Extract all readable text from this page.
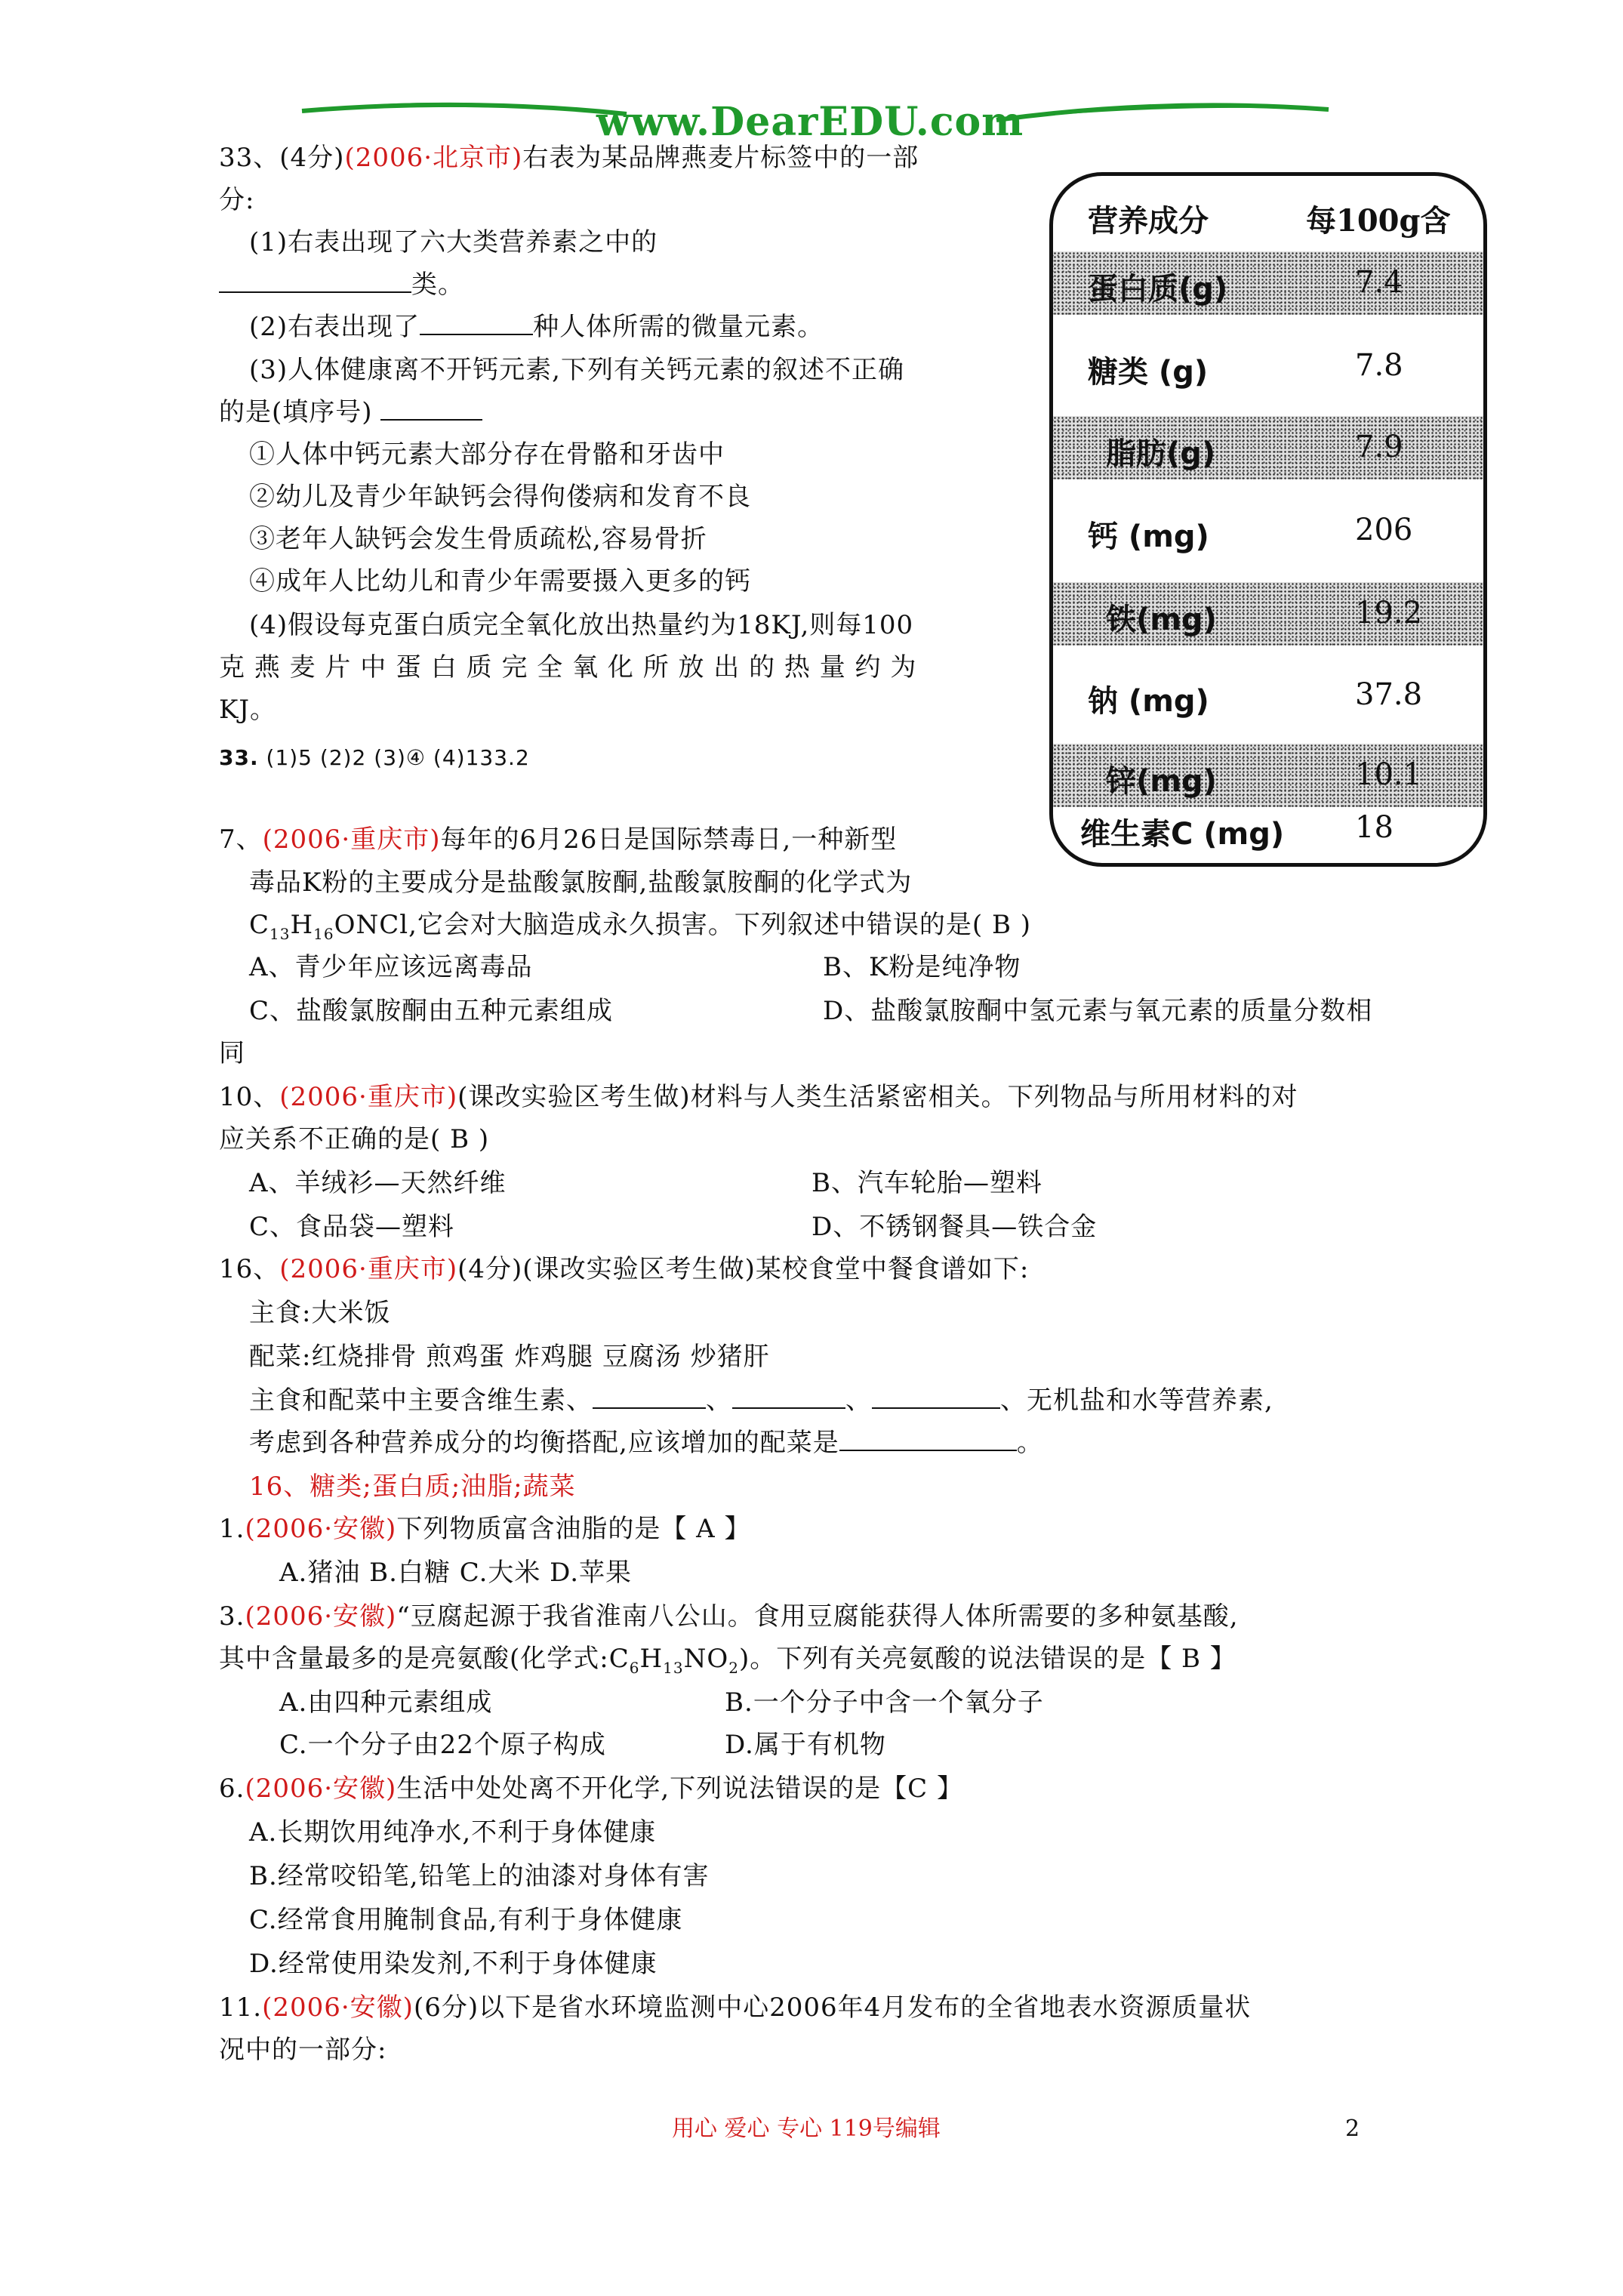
www.DearEDU.com
33、(4分)(2006·北京市)右表为某品牌燕麦片标签中的一部
分:
(1)右表出现了六大类营养素之中的
类。
(2)右表出现了	种人体所需的微量元素。
(3)人体健康离不开钙元素,下列有关钙元素的叙述不正确
的是(填序号)
①人体中钙元素大部分存在骨骼和牙齿中
②幼儿及青少年缺钙会得佝偻病和发育不良
③老年人缺钙会发生骨质疏松,容易骨折
④成年人比幼儿和青少年需要摄入更多的钙
(4)假设每克蛋白质完全氧化放出热量约为18KJ,则每100
克 燕 麦 片 中 蛋 白 质 完 全 氧 化 所 放 出 的 热 量 约 为
KJ。
33. (1)5 (2)2 (3)④ (4)133.2
营养成分	每100g含
蛋白质(g)	7.4
糖类 (g)	7.8
脂肪(g)	7.9
钙 (mg)	206
铁(mg)	19.2
钠 (mg)	37.8
锌(mg)	10.1
维生素C (mg) 18
7、(2006·重庆市)每年的6月26日是国际禁毒日,一种新型
毒品K粉的主要成分是盐酸氯胺酮,盐酸氯胺酮的化学式为
$C_{13}H_{16}ONCl$,它会对大脑造成永久损害。下列叙述中错误的是( B )
A、青少年应该远离毒品	B、K粉是纯净物
C、盐酸氯胺酮由五种元素组成	D、盐酸氯胺酮中氢元素与氧元素的质量分数相
同
10、(2006·重庆市)(课改实验区考生做)材料与人类生活紧密相关。下列物品与所用材料的对
应关系不正确的是( B )
A、羊绒衫—天然纤维	B、汽车轮胎—塑料
C、食品袋—塑料	D、不锈钢餐具—铁合金
16、(2006·重庆市)(4分)(课改实验区考生做)某校食堂中餐食谱如下:
主食:大米饭
配菜:红烧排骨 煎鸡蛋 炸鸡腿 豆腐汤 炒猪肝
主食和配菜中主要含维生素、	、	、	、无机盐和水等营养素,
考虑到各种营养成分的均衡搭配,应该增加的配菜是	。
16、糖类;蛋白质;油脂;蔬菜
1.(2006·安徽)下列物质富含油脂的是【 A 】
A.猪油 B.白糖 C.大米 D.苹果
3.(2006·安徽)“豆腐起源于我省淮南八公山。食用豆腐能获得人体所需要的多种氨基酸,
其中含量最多的是亮氨酸(化学式$:C_6H_{13}NO_2$)。下列有关亮氨酸的说法错误的是【 B 】
A.由四种元素组成	B.一个分子中含一个氧分子
C.一个分子由22个原子构成	D.属于有机物
6.(2006·安徽)生活中处处离不开化学,下列说法错误的是【C 】
A.长期饮用纯净水,不利于身体健康
B.经常咬铅笔,铅笔上的油漆对身体有害
C.经常食用腌制食品,有利于身体健康
D.经常使用染发剂,不利于身体健康
11.(2006·安徽)(6分)以下是省水环境监测中心2006年4月发布的全省地表水资源质量状
况中的一部分:
用心 爱心 专心 119号编辑	2
